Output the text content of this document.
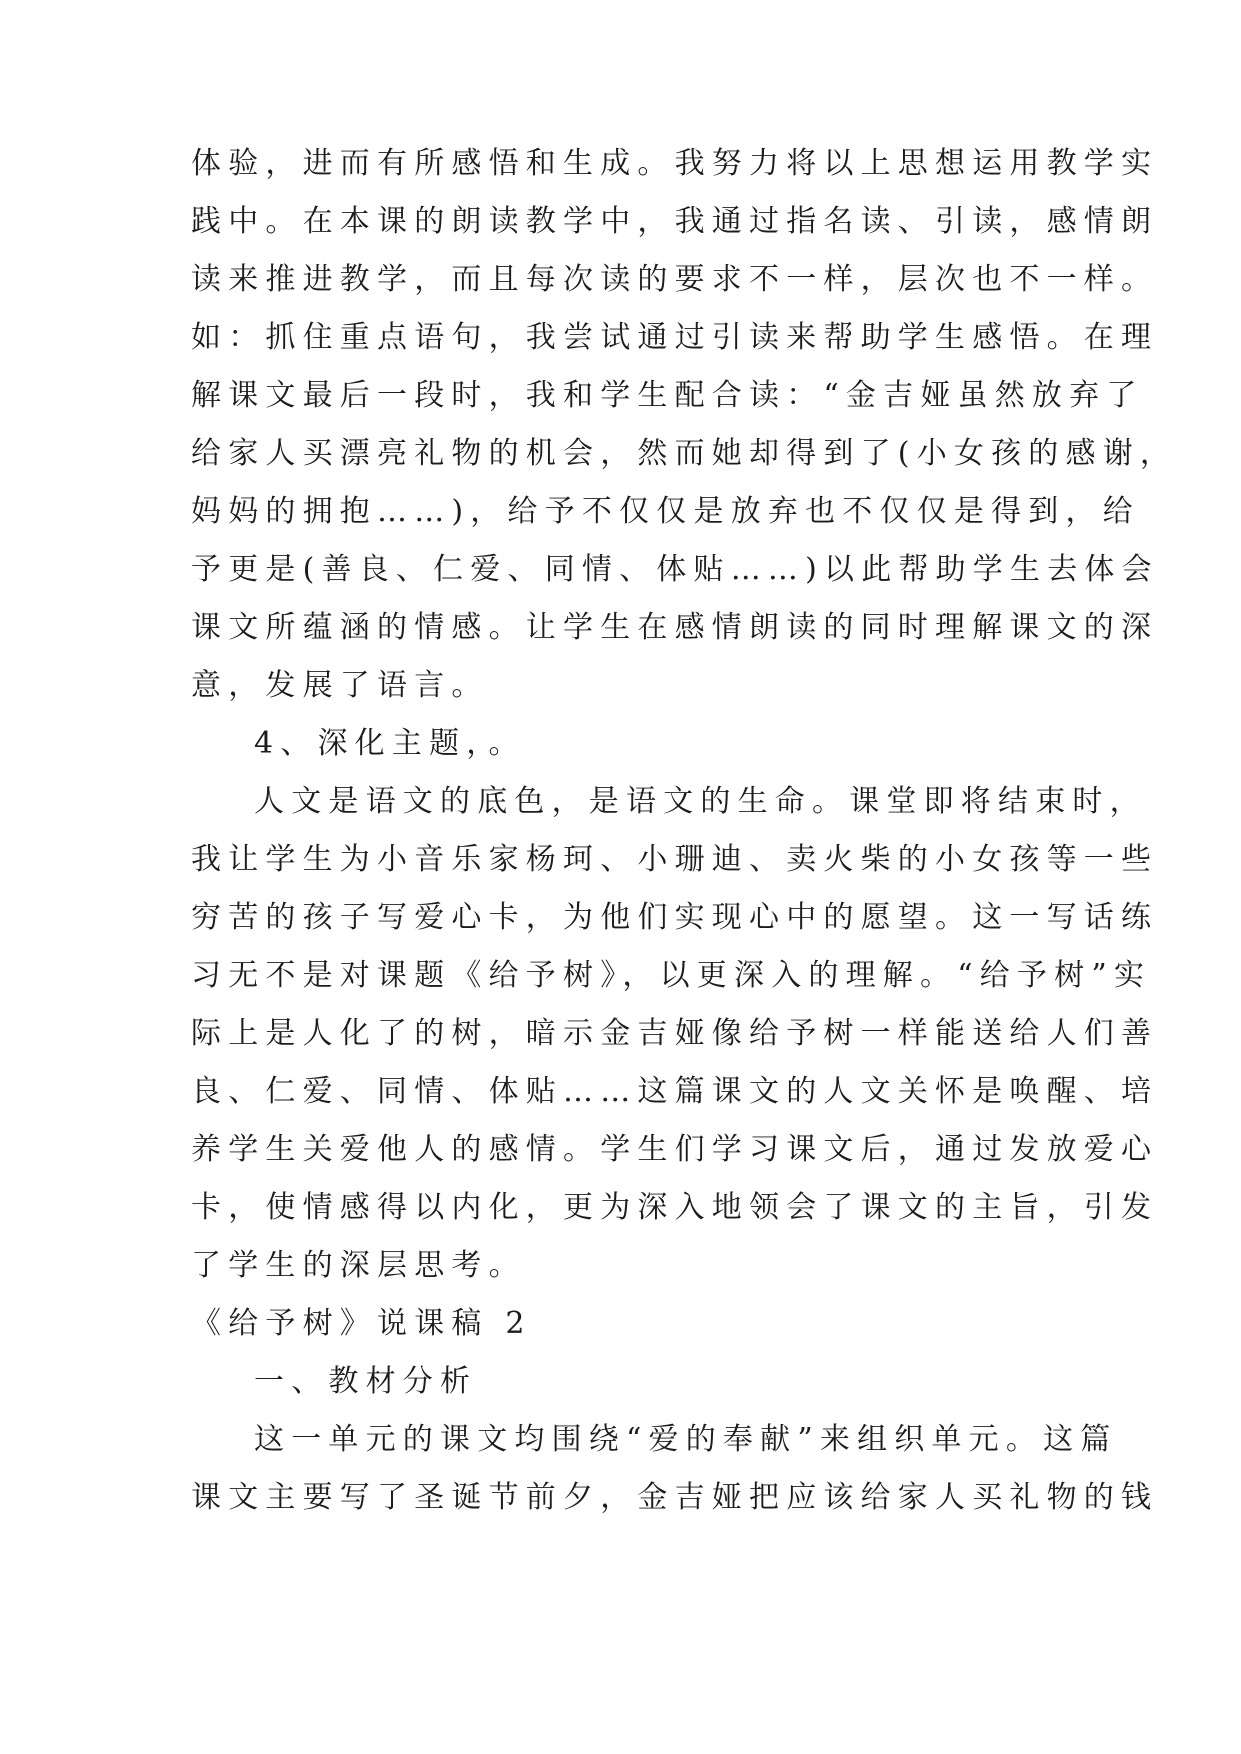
体验，进而有所感悟和生成。我努力将以上思想运用教学实
践中。在本课的朗读教学中，我通过指名读、引读，感情朗
读来推进教学，而且每次读的要求不一样，层次也不一样。
如：抓住重点语句，我尝试通过引读来帮助学生感悟。在理
解课文最后一段时，我和学生配合读：“金吉娅虽然放弃了
给家人买漂亮礼物的机会，然而她却得到了(小女孩的感谢，
妈妈的拥抱……)，给予不仅仅是放弃也不仅仅是得到，给
予更是(善良、仁爱、同情、体贴……)以此帮助学生去体会
课文所蕴涵的情感。让学生在感情朗读的同时理解课文的深
意，发展了语言。
4、深化主题，。
人文是语文的底色，是语文的生命。课堂即将结束时，
我让学生为小音乐家杨珂、小珊迪、卖火柴的小女孩等一些
穷苦的孩子写爱心卡，为他们实现心中的愿望。这一写话练
习无不是对课题《给予树》，以更深入的理解。“给予树”实
际上是人化了的树，暗示金吉娅像给予树一样能送给人们善
良、仁爱、同情、体贴……这篇课文的人文关怀是唤醒、培
养学生关爱他人的感情。学生们学习课文后，通过发放爱心
卡，使情感得以内化，更为深入地领会了课文的主旨，引发
了学生的深层思考。
《给予树》说课稿 2
一、教材分析
这一单元的课文均围绕“爱的奉献”来组织单元。这篇
课文主要写了圣诞节前夕，金吉娅把应该给家人买礼物的钱
